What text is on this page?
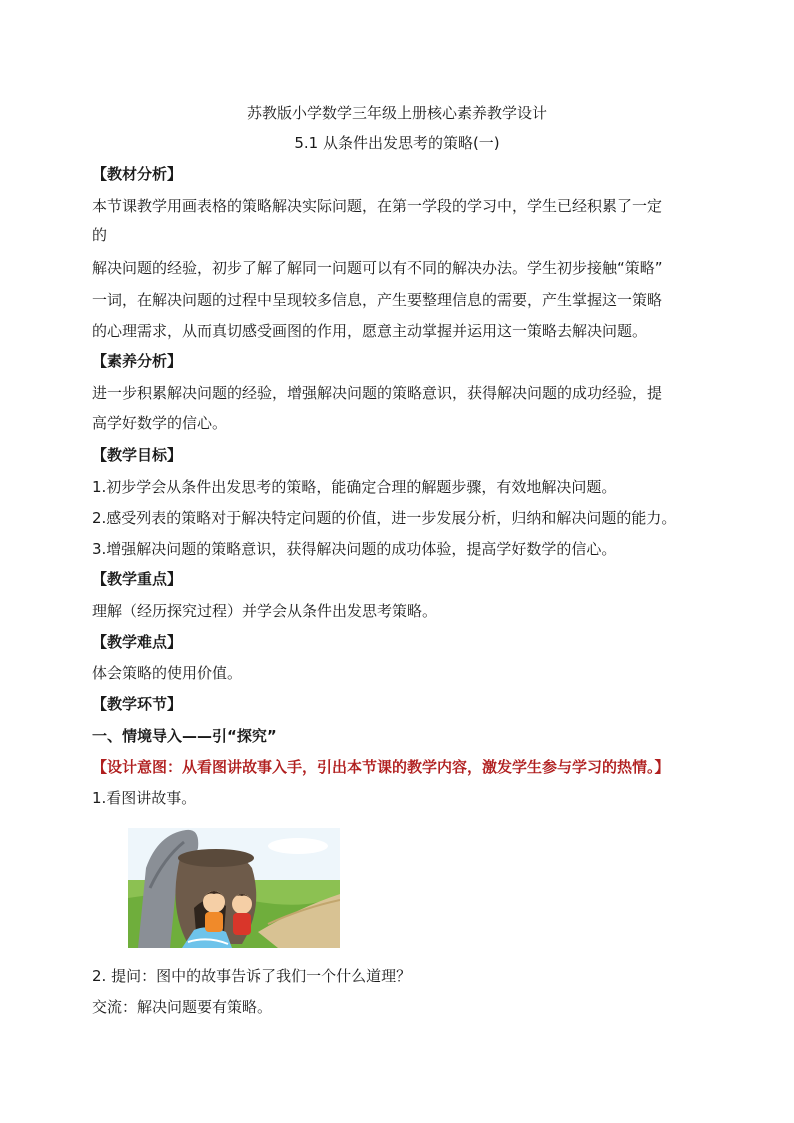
苏教版小学数学三年级上册核心素养教学设计
5.1 从条件出发思考的策略(一)
【教材分析】
本节课教学用画表格的策略解决实际问题，在第一学段的学习中，学生已经积累了一定
的
解决问题的经验，初步了解了解同一问题可以有不同的解决办法。学生初步接触“策略”
一词，在解决问题的过程中呈现较多信息，产生要整理信息的需要，产生掌握这一策略
的心理需求，从而真切感受画图的作用，愿意主动掌握并运用这一策略去解决问题。
【素养分析】
进一步积累解决问题的经验，增强解决问题的策略意识，获得解决问题的成功经验，提
高学好数学的信心。
【教学目标】
1.初步学会从条件出发思考的策略，能确定合理的解题步骤，有效地解决问题。
2.感受列表的策略对于解决特定问题的价值，进一步发展分析，归纳和解决问题的能力。
3.增强解决问题的策略意识，获得解决问题的成功体验，提高学好数学的信心。
【教学重点】
理解（经历探究过程）并学会从条件出发思考策略。
【教学难点】
体会策略的使用价值。
【教学环节】
一、情境导入——引“探究”
【设计意图：从看图讲故事入手，引出本节课的教学内容，激发学生参与学习的热情。】
1.看图讲故事。
2. 提问：图中的故事告诉了我们一个什么道理？
交流：解决问题要有策略。
